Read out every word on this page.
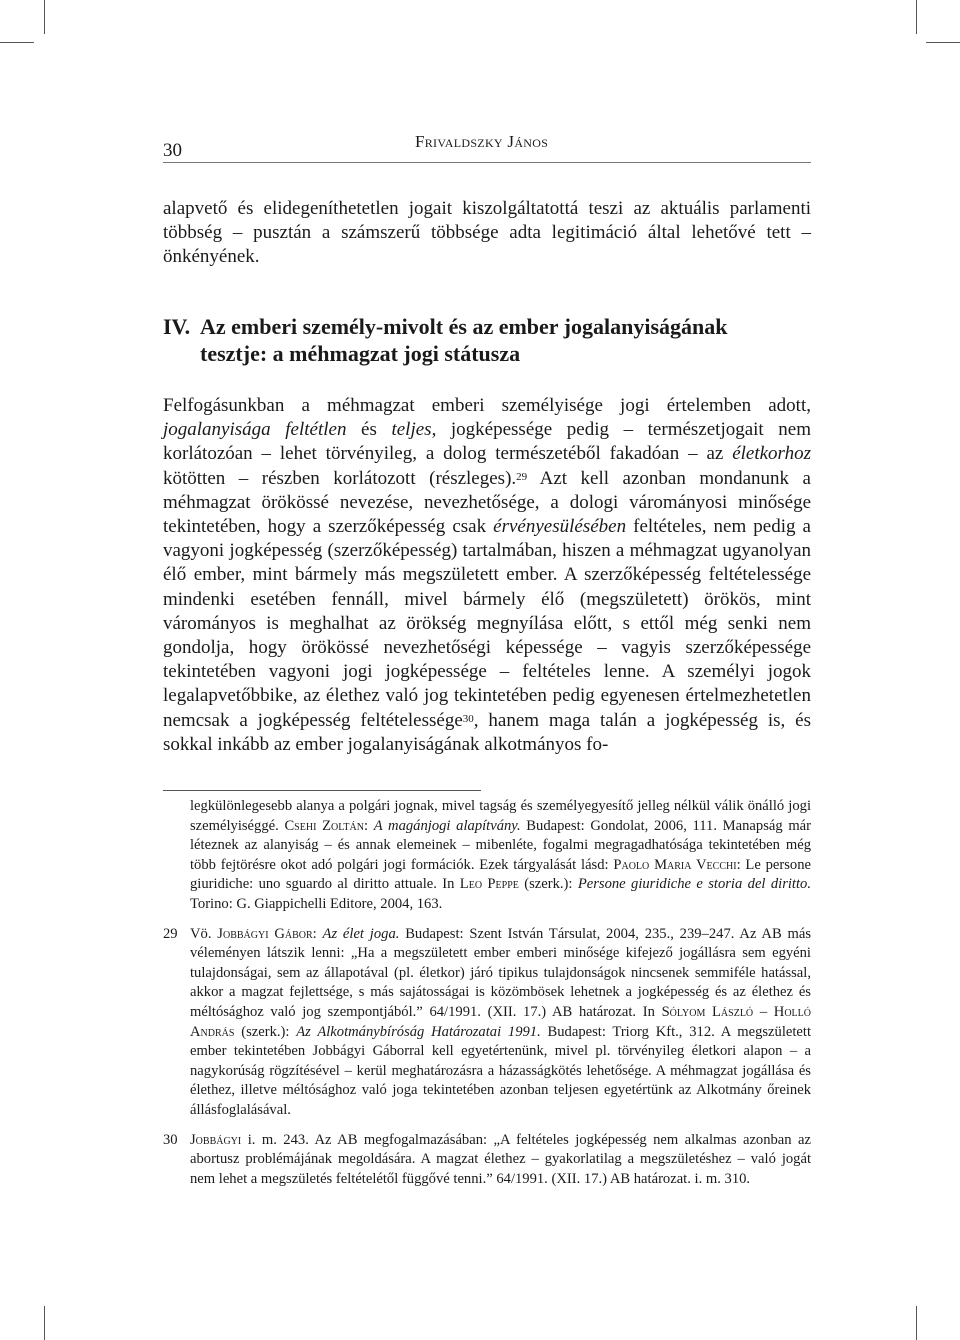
30	Frivaldszky János

alapvető és elidegeníthetetlen jogait kiszolgáltatottá teszi az aktuális parlamenti többség – pusztán a számszerű többsége adta legitimáció által lehetővé tett – önkényének.

IV. Az emberi személy-mivolt és az ember jogalanyiságának
tesztje: a méhmagzat jogi státusza

Felfogásunkban a méhmagzat emberi személyisége jogi értelemben adott, jogalanyisága feltétlen és teljes, jogképessége pedig – természetjogait nem korlátozóan – lehet törvényileg, a dolog természetéből fakadóan – az életkorhoz kötötten – részben korlátozott (részleges).$^{29}$ Azt kell azonban mondanunk a méhmagzat örökössé nevezése, nevezhetősége, a dologi várományosi minősége tekintetében, hogy a szerzőképesség csak érvényesülésében feltételes, nem pedig a vagyoni jogképesség (szerzőképesség) tartalmában, hiszen a méhmagzat ugyanolyan élő ember, mint bármely más megszületett ember. A szerzőképesség feltételessége mindenki esetében fennáll, mivel bármely élő (megszületett) örökös, mint várományos is meghalhat az örökség megnyílása előtt, s ettől még senki nem gondolja, hogy örökössé nevezhetőségi képessége – vagyis szerzőképessége tekintetében vagyoni jogi jogképessége – feltételes lenne. A személyi jogok legalapvetőbbike, az élethez való jog tekintetében pedig egyenesen értelmezhetetlen nemcsak a jogképesség feltételessége$^{30}$, hanem maga talán a jogképesség is, és sokkal inkább az ember jogalanyiságának alkotmányos fo-

legkülönlegesebb alanya a polgári jognak, mivel tagság és személyegyesítő jelleg nélkül válik önálló jogi személyiséggé. Csehi Zoltán: A magánjogi alapítvány. Budapest: Gondolat, 2006, 111. Manapság már léteznek az alanyiság – és annak elemeinek – mibenléte, fogalmi megragadhatósága tekintetében még több fejtörésre okot adó polgári jogi formációk. Ezek tárgyalását lásd: Paolo Maria Vecchi: Le persone giuridiche: uno sguardo al diritto attuale. In Leo Peppe (szerk.): Persone giuridiche e storia del diritto. Torino: G. Giappichelli Editore, 2004, 163.

29 Vö. Jobbágyi Gábor: Az élet joga. Budapest: Szent István Társulat, 2004, 235., 239–247. Az AB más véleményen látszik lenni: „Ha a megszületett ember emberi minősége kifejező jogállásra sem egyéni tulajdonságai, sem az állapotával (pl. életkor) járó tipikus tulajdonságok nincsenek semmiféle hatással, akkor a magzat fejlettsége, s más sajátosságai is közömbösek lehetnek a jogképesség és az élethez és méltósághoz való jog szempontjából.” 64/1991. (XII. 17.) AB határozat. In Sólyom László – Holló András (szerk.): Az Alkotmánybíróság Határozatai 1991. Budapest: Triorg Kft., 312. A megszületett ember tekintetében Jobbágyi Gáborral kell egyetértenünk, mivel pl. törvényileg életkori alapon – a nagykorúság rögzítésével – kerül meghatározásra a házasságkötés lehetősége. A méhmagzat jogállása és élethez, illetve méltósághoz való joga tekintetében azonban teljesen egyetértünk az Alkotmány őreinek állásfoglalásával.

30 Jobbágyi i. m. 243. Az AB megfogalmazásában: „A feltételes jogképesség nem alkalmas azonban az abortusz problémájának megoldására. A magzat élethez – gyakorlatilag a megszületéshez – való jogát nem lehet a megszületés feltételétől függővé tenni.” 64/1991. (XII. 17.) AB határozat. i. m. 310.
